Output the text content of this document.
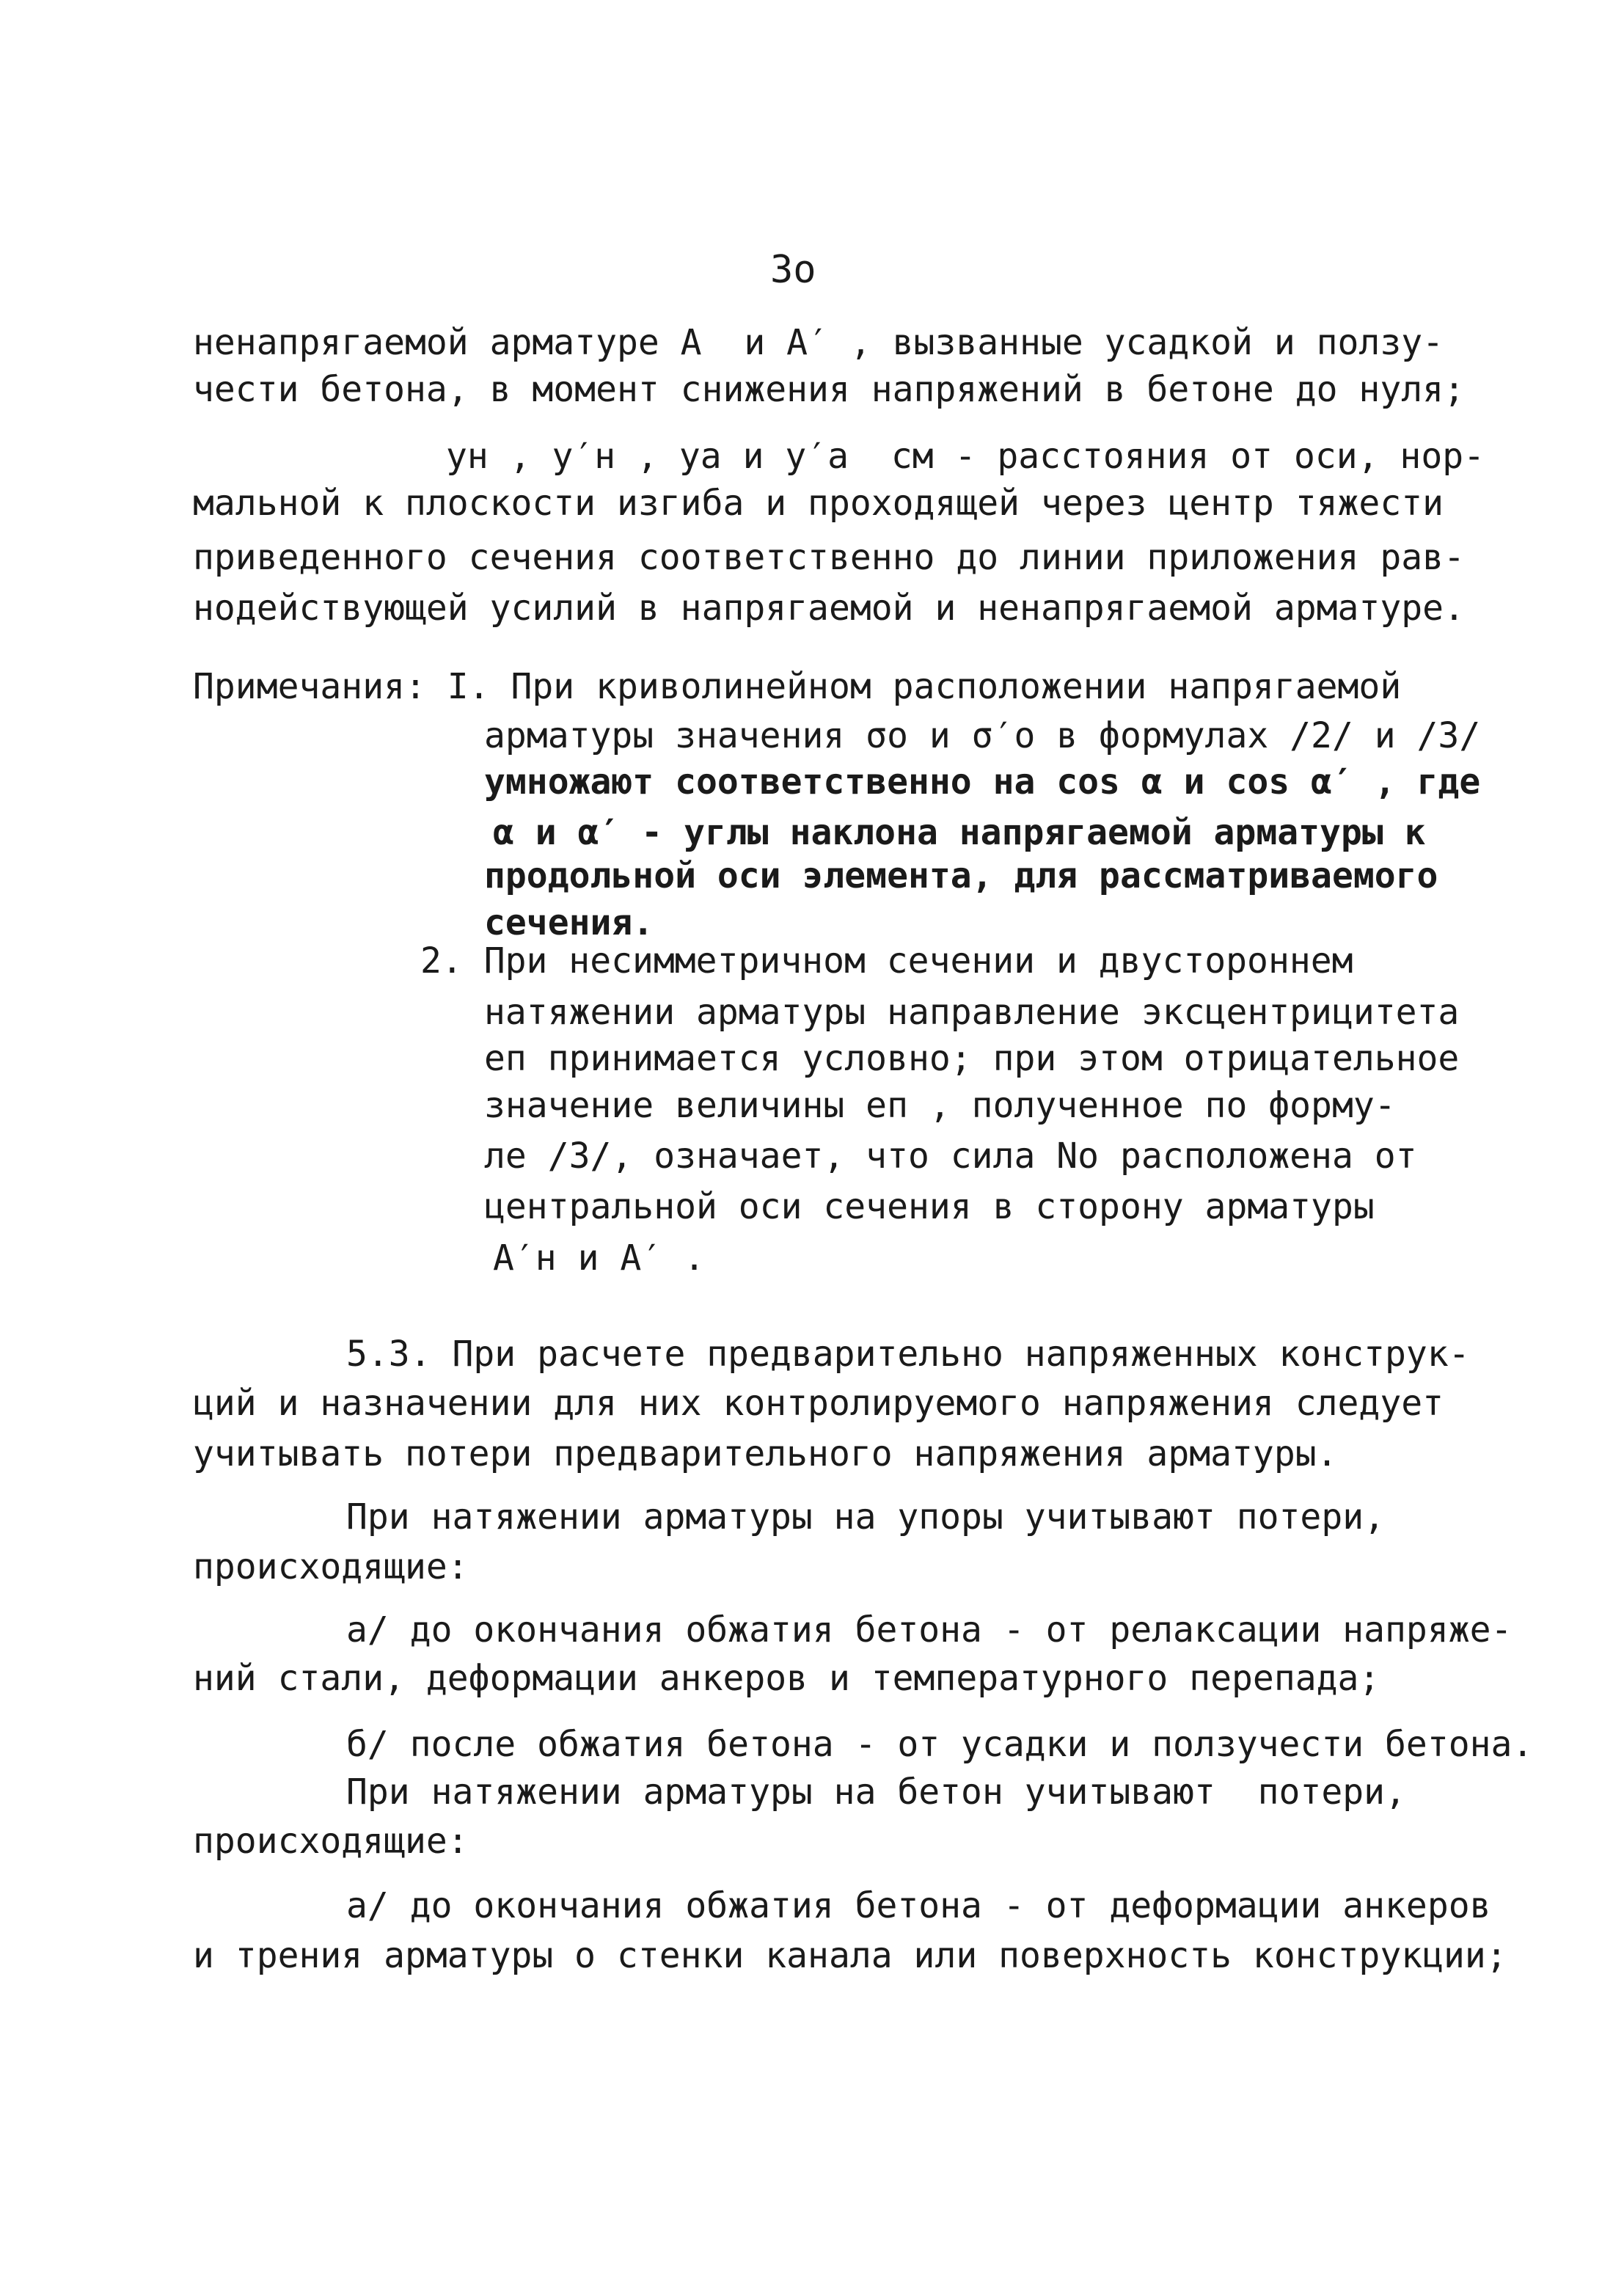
3о
ненапрягаемой арматуре А  и А′ , вызванные усадкой и ползу-
чести бетона, в момент снижения напряжений в бетоне до нуля;
yн , y′н , yа и y′а  см - расстояния от оси, нор-
мальной к плоскости изгиба и проходящей через центр тяжести
приведенного сечения соответственно до линии приложения рав-
нодействующей усилий в напрягаемой и ненапрягаемой арматуре.
Примечания: I. При криволинейном расположении напрягаемой
арматуры значения σо и σ′о в формулах /2/ и /3/
умножают соответственно на cos α и cos α′ , где
α и α′ - углы наклона напрягаемой арматуры к
продольной оси элемента, для рассматриваемого
сечения.
2. При несимметричном сечении и двустороннем
натяжении арматуры направление эксцентрицитета
eп принимается условно; при этом отрицательное
значение величины eп , полученное по форму-
ле /3/, означает, что сила Nо расположена от
центральной оси сечения в сторону арматуры
А′н и А′ .
5.3. При расчете предварительно напряженных конструк-
ций и назначении для них контролируемого напряжения следует
учитывать потери предварительного напряжения арматуры.
При натяжении арматуры на упоры учитывают потери,
происходящие:
а/ до окончания обжатия бетона - от релаксации напряже-
ний стали, деформации анкеров и температурного перепада;
б/ после обжатия бетона - от усадки и ползучести бетона.
При натяжении арматуры на бетон учитывают  потери,
происходящие:
а/ до окончания обжатия бетона - от деформации анкеров
и трения арматуры о стенки канала или поверхность конструкции;
